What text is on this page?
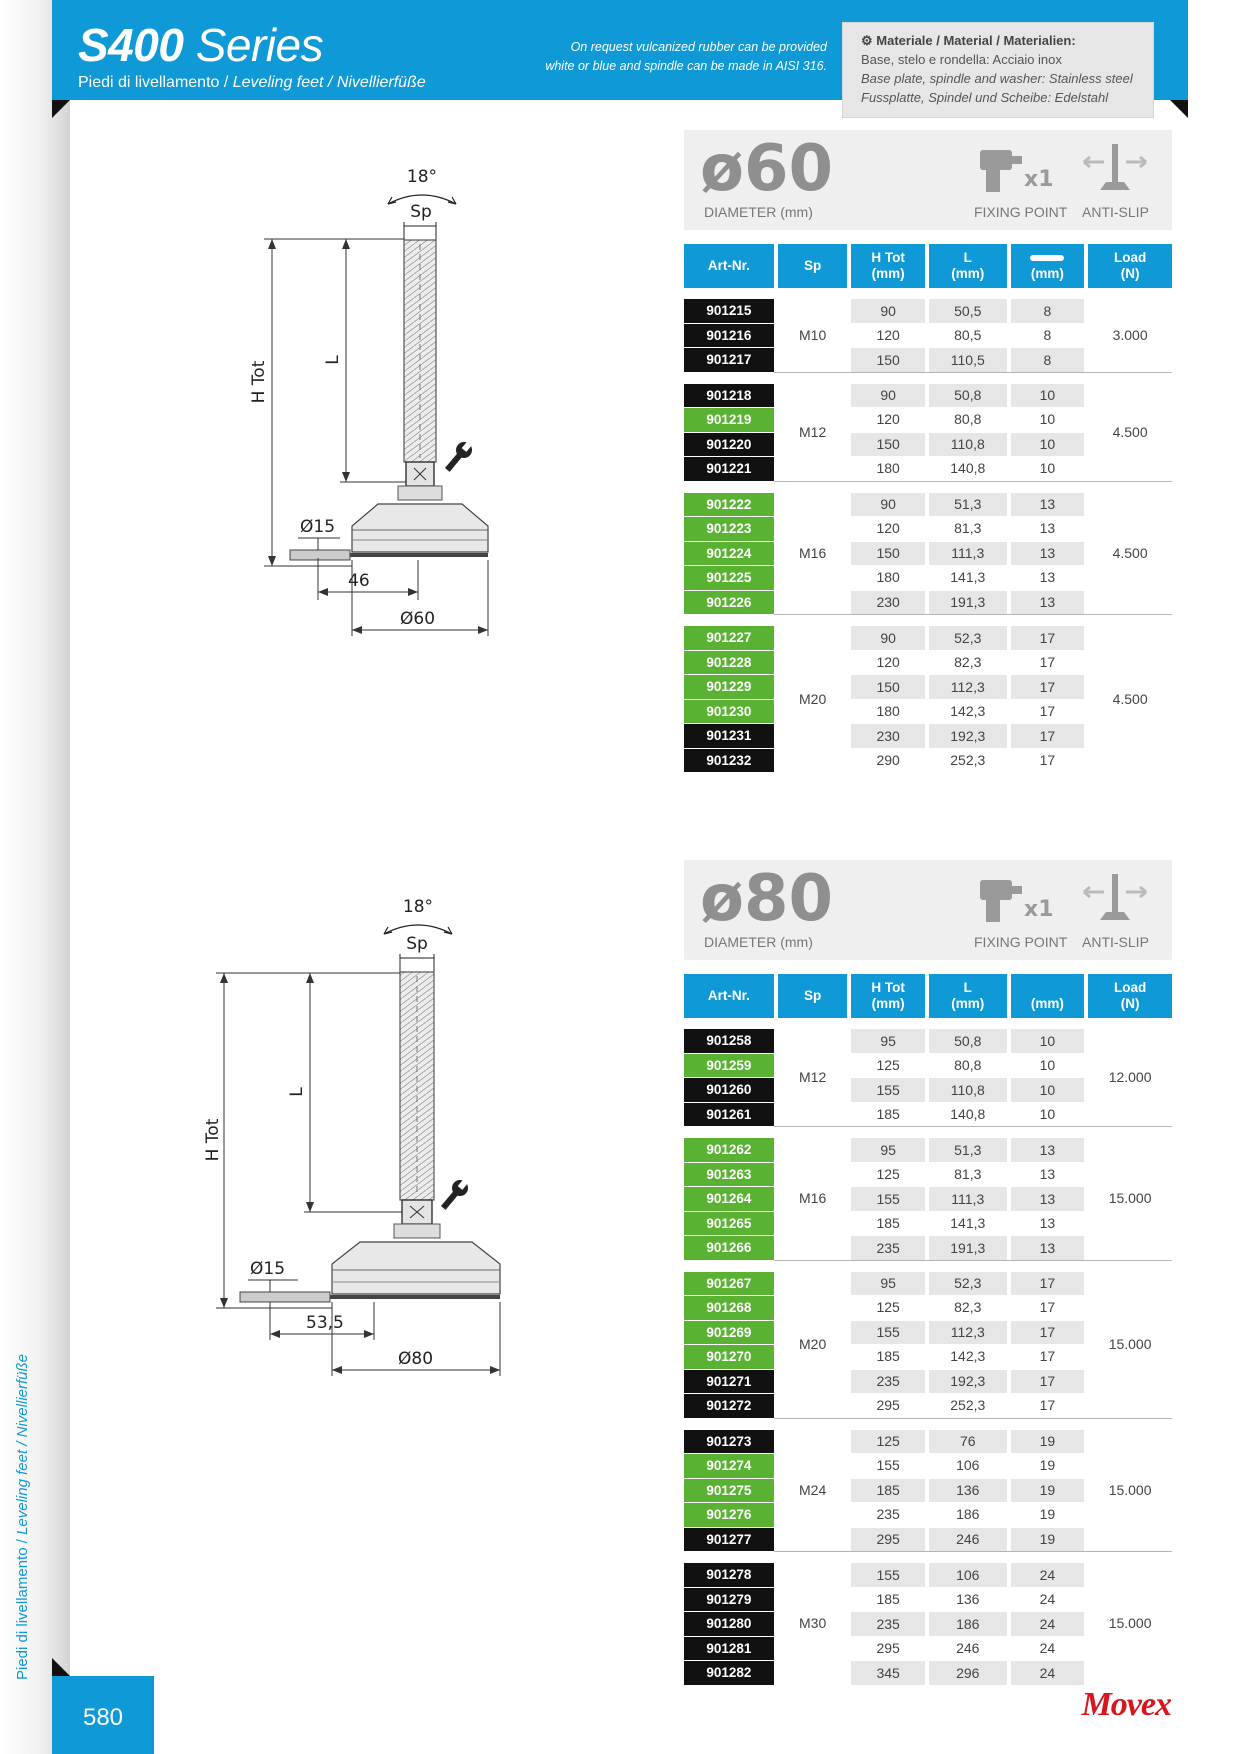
S400 Series
Piedi di livellamento / Leveling feet / Nivellierfüße
On request vulcanized rubber can be provided
white or blue and spindle can be made in AISI 316.
⚙ Materiale / Material / Materialien:
Base, stelo e rondella: Acciaio inox
Base plate, spindle and washer: Stainless steel
Fussplatte, Spindel und Scheibe: Edelstahl
18°
Sp
H Tot
L
Ø15
46
Ø60
18°
Sp
H Tot
L
Ø15
53,5
Ø80
ø60
DIAMETER (mm)
x1
FIXING POINT ANTI-SLIP
Art-Nr.		Sp		H Tot
(mm)		L
(mm)		(mm)		Load
(N)

901215		M10		90		50,5		8		3.000
901216				120		80,5		8		
901217				150		110,5		8		

901218		M12		90		50,8		10		4.500
901219				120		80,8		10		
901220				150		110,8		10		
901221				180		140,8		10		

901222		M16		90		51,3		13		4.500
901223				120		81,3		13		
901224				150		111,3		13		
901225				180		141,3		13		
901226				230		191,3		13		

901227		M20		90		52,3		17		4.500
901228				120		82,3		17		
901229				150		112,3		17		
901230				180		142,3		17		
901231				230		192,3		17		
901232				290		252,3		17		
ø80
DIAMETER (mm)
x1
FIXING POINT ANTI-SLIP
Art-Nr.		Sp		H Tot
(mm)		L
(mm)		(mm)		Load
(N)

901258		M12		95		50,8		10		12.000
901259				125		80,8		10		
901260				155		110,8		10		
901261				185		140,8		10		

901262		M16		95		51,3		13		15.000
901263				125		81,3		13		
901264				155		111,3		13		
901265				185		141,3		13		
901266				235		191,3		13		

901267		M20		95		52,3		17		15.000
901268				125		82,3		17		
901269				155		112,3		17		
901270				185		142,3		17		
901271				235		192,3		17		
901272				295		252,3		17		

901273		M24		125		76		19		15.000
901274				155		106		19		
901275				185		136		19		
901276				235		186		19		
901277				295		246		19		

901278		M30		155		106		24		15.000
901279				185		136		24		
901280				235		186		24		
901281				295		246		24		
901282				345		296		24		
Piedi di livellamento / Leveling feet / Nivellierfüße
580	Movex
